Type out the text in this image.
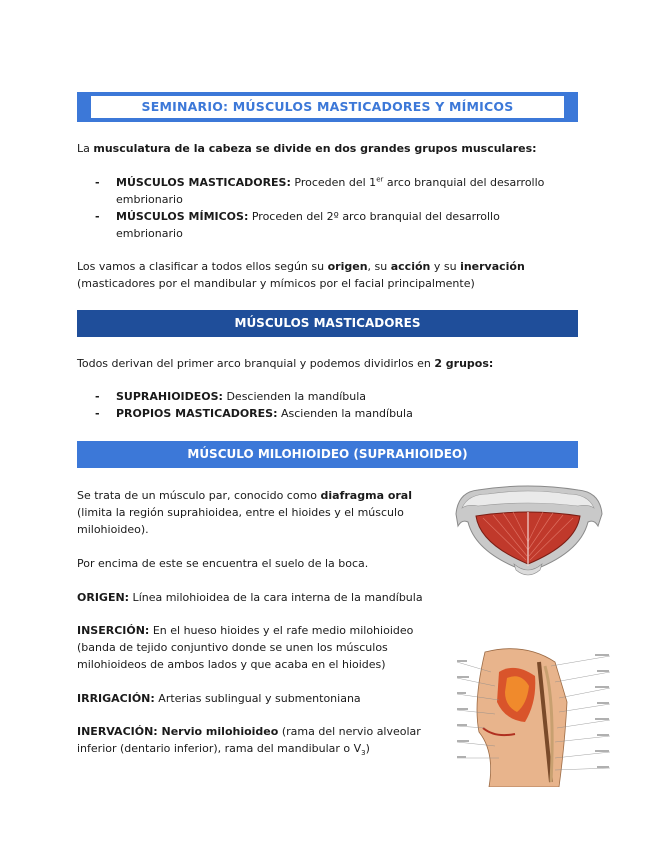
SEMINARIO: MÚSCULOS MASTICADORES Y MÍMICOS

La musculatura de la cabeza se divide en dos grandes grupos musculares:

- MÚSCULOS MASTICADORES: Proceden del 1er arco branquial del desarrollo embrionario
- MÚSCULOS MÍMICOS: Proceden del 2º arco branquial del desarrollo embrionario

Los vamos a clasificar a todos ellos según su origen, su acción y su inervación (masticadores por el mandibular y mímicos por el facial principalmente)

MÚSCULOS MASTICADORES

Todos derivan del primer arco branquial y podemos dividirlos en 2 grupos:

- SUPRAHIOIDEOS: Descienden la mandíbula
- PROPIOS MASTICADORES: Ascienden la mandíbula
MÚSCULO MILOHIOIDEO (SUPRAHIOIDEO)

Se trata de un músculo par, conocido como diafragma oral (limita la región suprahioidea, entre el hioides y el músculo milohioideo).

Por encima de este se encuentra el suelo de la boca.

ORIGEN: Línea milohioidea de la cara interna de la mandíbula

INSERCIÓN: En el hueso hioides y el rafe medio milohioideo (banda de tejido conjuntivo donde se unen los músculos milohioideos de ambos lados y que acaba en el hioides)

IRRIGACIÓN: Arterias sublingual y submentoniana

INERVACIÓN: Nervio milohioideo (rama del nervio alveolar inferior (dentario inferior), rama del mandibular o $V_3$)
